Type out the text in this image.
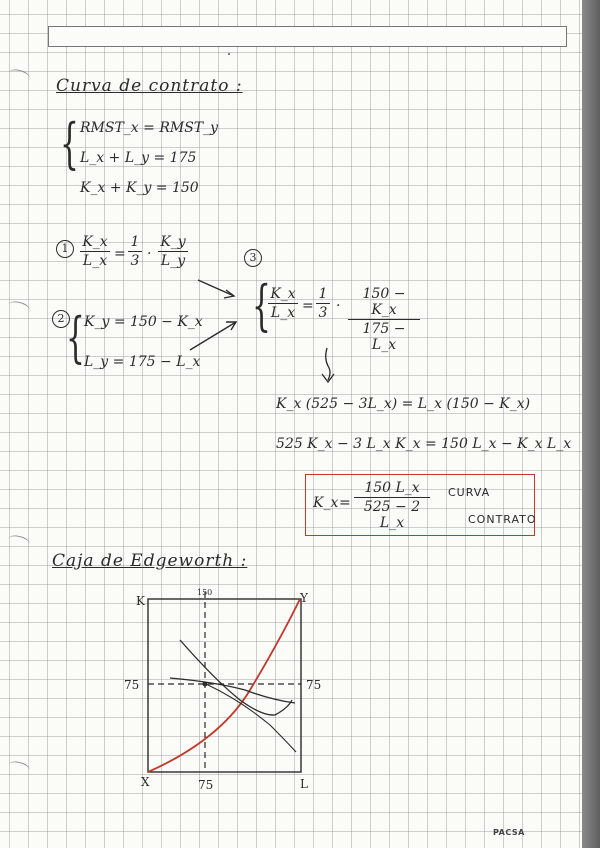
Curva de contrato :
{ RMST_x = RMST_y
L_x + L_y = 175
K_x + K_y = 150
1 K_x
L_x =
1
3 ·
K_y
L_y
2 { K_y = 150 − K_x
L_y = 175 − L_x
3
{ K_x
L_x =
1
3 ·
150 − K_x
175 − L_x
K_x (525 − 3L_x) = L_x (150 − K_x)
525 K_x − 3 L_x K_x = 150 L_x − K_x L_x
K_x =
150 L_x
525 − 2 L_x
CURVA
CONTRATO
Caja de Edgeworth :
K
L
150
75	75
75
X
Y
PACSA
